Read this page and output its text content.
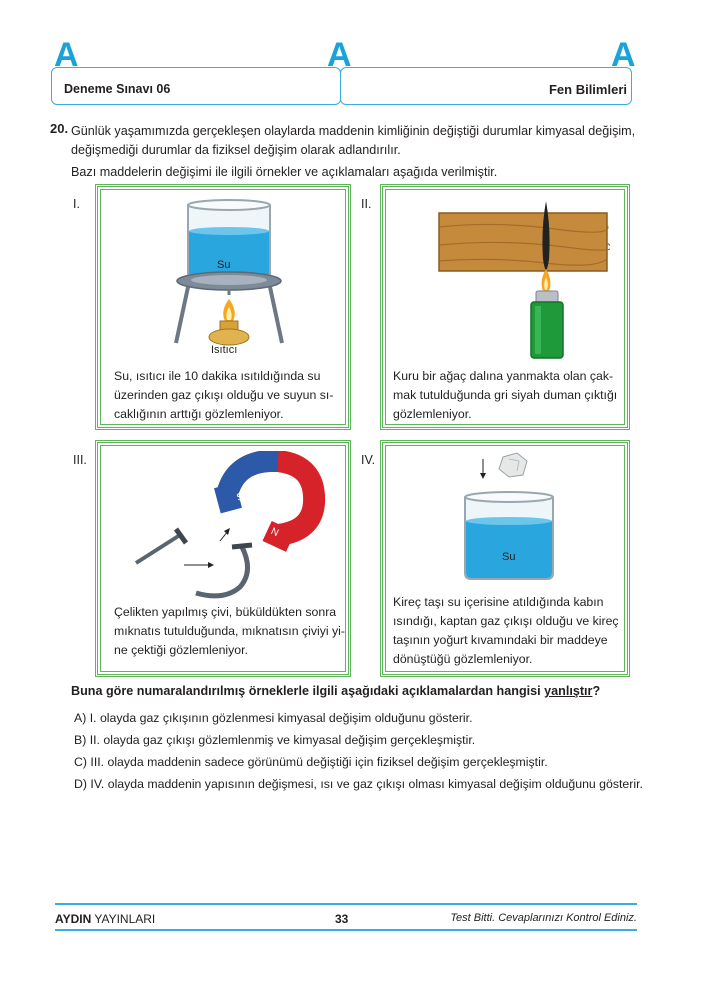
A	A	A
Deneme Sınavı 06	Fen Bilimleri
20. Günlük yaşamımızda gerçekleşen olaylarda maddenin kimliğinin değiştiği durumlar kimyasal değişim,
değişmediği durumlar da fiziksel değişim olarak adlandırılır.
Bazı maddelerin değişimi ile ilgili örnekler ve açıklamaları aşağıda verilmiştir.
I.
Su
Isıtıcı
Su, ısıtıcı ile 10 dakika ısıtıldığında su
üzerinden gaz çıkışı olduğu ve suyun sı-
caklığının arttığı gözlemleniyor.
II.
Kuru bir ağaç dalına yanmakta olan çak-
mak tutulduğunda gri siyah duman çıktığı
gözlemleniyor.
III.
S
N
Çelikten yapılmış çivi, büküldükten sonra
mıknatıs tutulduğunda, mıknatısın çiviyi yi-
ne çektiği gözlemleniyor.
IV.
Su
Kireç taşı su içerisine atıldığında kabın
ısındığı, kaptan gaz çıkışı olduğu ve kireç
taşının yoğurt kıvamındaki bir maddeye
dönüştüğü gözlemleniyor.
Buna göre numaralandırılmış örneklerle ilgili aşağıdaki açıklamalardan hangisi yanlıştır?
A) I. olayda gaz çıkışının gözlenmesi kimyasal değişim olduğunu gösterir.
B) II. olayda gaz çıkışı gözlemlenmiş ve kimyasal değişim gerçekleşmiştir.
C) III. olayda maddenin sadece görünümü değiştiği için fiziksel değişim gerçekleşmiştir.
D) IV. olayda maddenin yapısının değişmesi, ısı ve gaz çıkışı olması kimyasal değişim olduğunu gösterir.
AYDIN YAYINLARI	33	Test Bitti. Cevaplarınızı Kontrol Ediniz.
